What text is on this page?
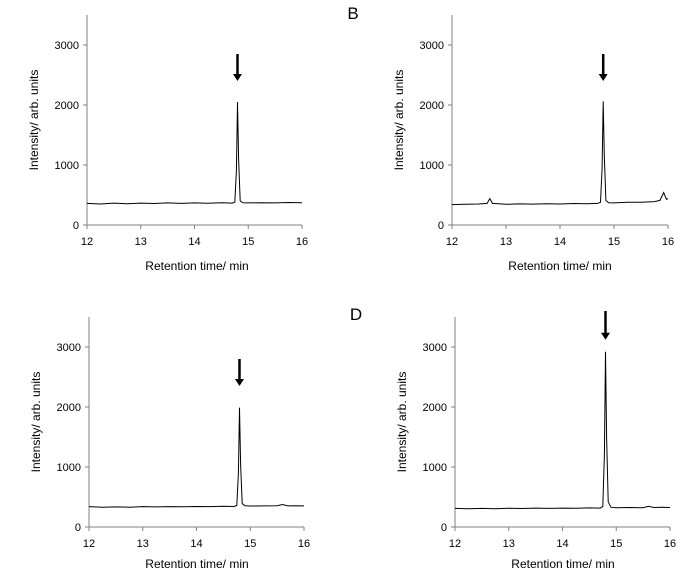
0
1000
2000
3000
12	13	14	15	16
Retention time/ min
Intensity/ arb. units
0
1000
2000
3000
12	13	14	15	16
Retention time/ min
Intensity/ arb. units
0
1000
2000
3000
12	13	14	15	16
Retention time/ min
Intensity/ arb. units
0
1000
2000
3000
12	13	14	15	16
Retention time/ min
Intensity/ arb. units
B
D
